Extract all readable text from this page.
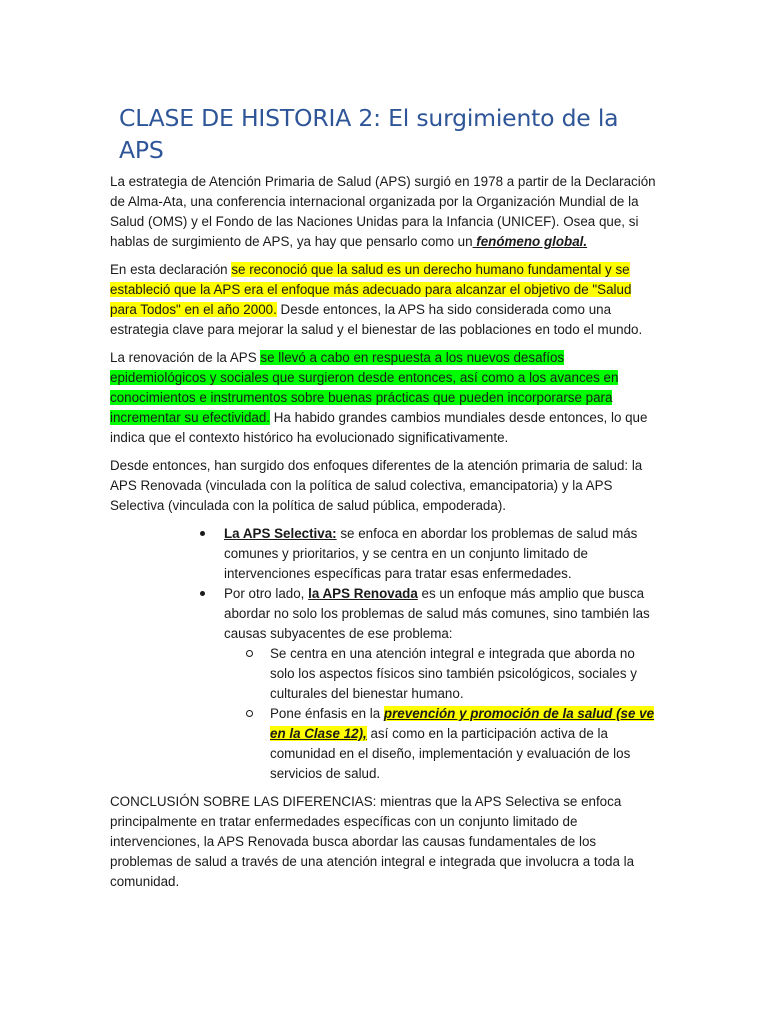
CLASE DE HISTORIA 2: El surgimiento de la APS

La estrategia de Atención Primaria de Salud (APS) surgió en 1978 a partir de la Declaración de Alma-Ata, una conferencia internacional organizada por la Organización Mundial de la Salud (OMS) y el Fondo de las Naciones Unidas para la Infancia (UNICEF). Osea que, si hablas de surgimiento de APS, ya hay que pensarlo como un fenómeno global.

En esta declaración se reconoció que la salud es un derecho humano fundamental y se estableció que la APS era el enfoque más adecuado para alcanzar el objetivo de "Salud para Todos" en el año 2000. Desde entonces, la APS ha sido considerada como una estrategia clave para mejorar la salud y el bienestar de las poblaciones en todo el mundo.

La renovación de la APS se llevó a cabo en respuesta a los nuevos desafíos epidemiológicos y sociales que surgieron desde entonces, así como a los avances en conocimientos e instrumentos sobre buenas prácticas que pueden incorporarse para incrementar su efectividad. Ha habido grandes cambios mundiales desde entonces, lo que indica que el contexto histórico ha evolucionado significativamente.

Desde entonces, han surgido dos enfoques diferentes de la atención primaria de salud: la APS Renovada (vinculada con la política de salud colectiva, emancipatoria) y la APS Selectiva (vinculada con la política de salud pública, empoderada).

La APS Selectiva: se enfoca en abordar los problemas de salud más comunes y prioritarios, y se centra en un conjunto limitado de intervenciones específicas para tratar esas enfermedades.
Por otro lado, la APS Renovada es un enfoque más amplio que busca abordar no solo los problemas de salud más comunes, sino también las causas subyacentes de ese problema:
Se centra en una atención integral e integrada que aborda no solo los aspectos físicos sino también psicológicos, sociales y culturales del bienestar humano.
Pone énfasis en la prevención y promoción de la salud (se ve en la Clase 12), así como en la participación activa de la comunidad en el diseño, implementación y evaluación de los servicios de salud.

CONCLUSIÓN SOBRE LAS DIFERENCIAS: mientras que la APS Selectiva se enfoca principalmente en tratar enfermedades específicas con un conjunto limitado de intervenciones, la APS Renovada busca abordar las causas fundamentales de los problemas de salud a través de una atención integral e integrada que involucra a toda la comunidad.
